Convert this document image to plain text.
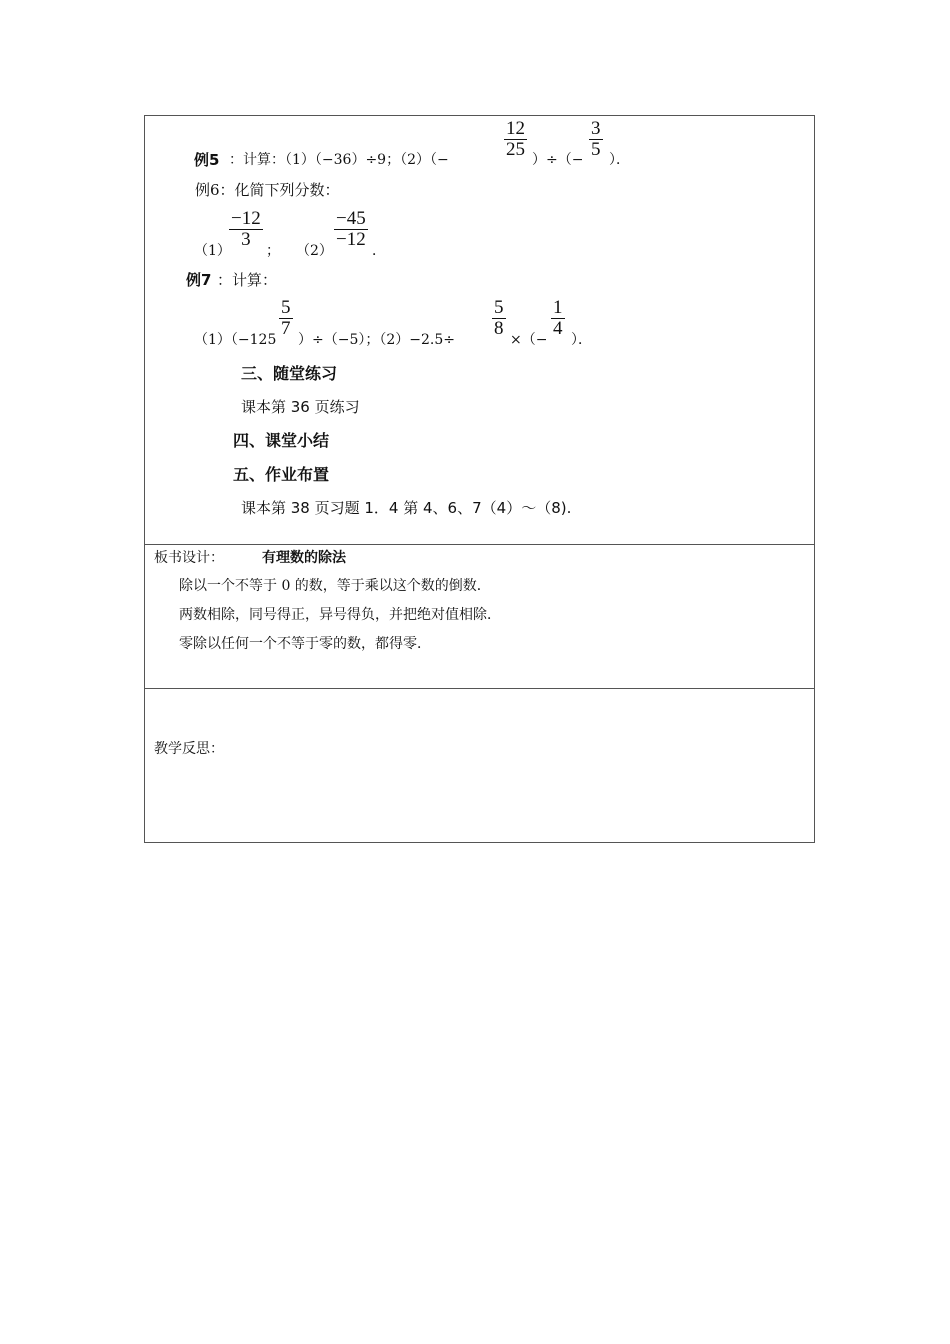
例5 ：计算：（1）（−36）÷9；（2）（−
12
25 ）÷（−
3
5 ）．
例6：化简下列分数：
（1）
−12
3
； （2）
−45
−12
．
例7 ：计算：
（1）（−125
5
7
）÷（−5）；（2）−2.5÷
5
8
×（−
1
4
）．
三、随堂练习
课本第 36 页练习
四、课堂小结
五、作业布置
课本第 38 页习题 1．4 第 4、6、7（4）～（8).
板书设计：	有理数的除法
除以一个不等于 0 的数，等于乘以这个数的倒数．
两数相除，同号得正，异号得负，并把绝对值相除．
零除以任何一个不等于零的数，都得零．
教学反思：
